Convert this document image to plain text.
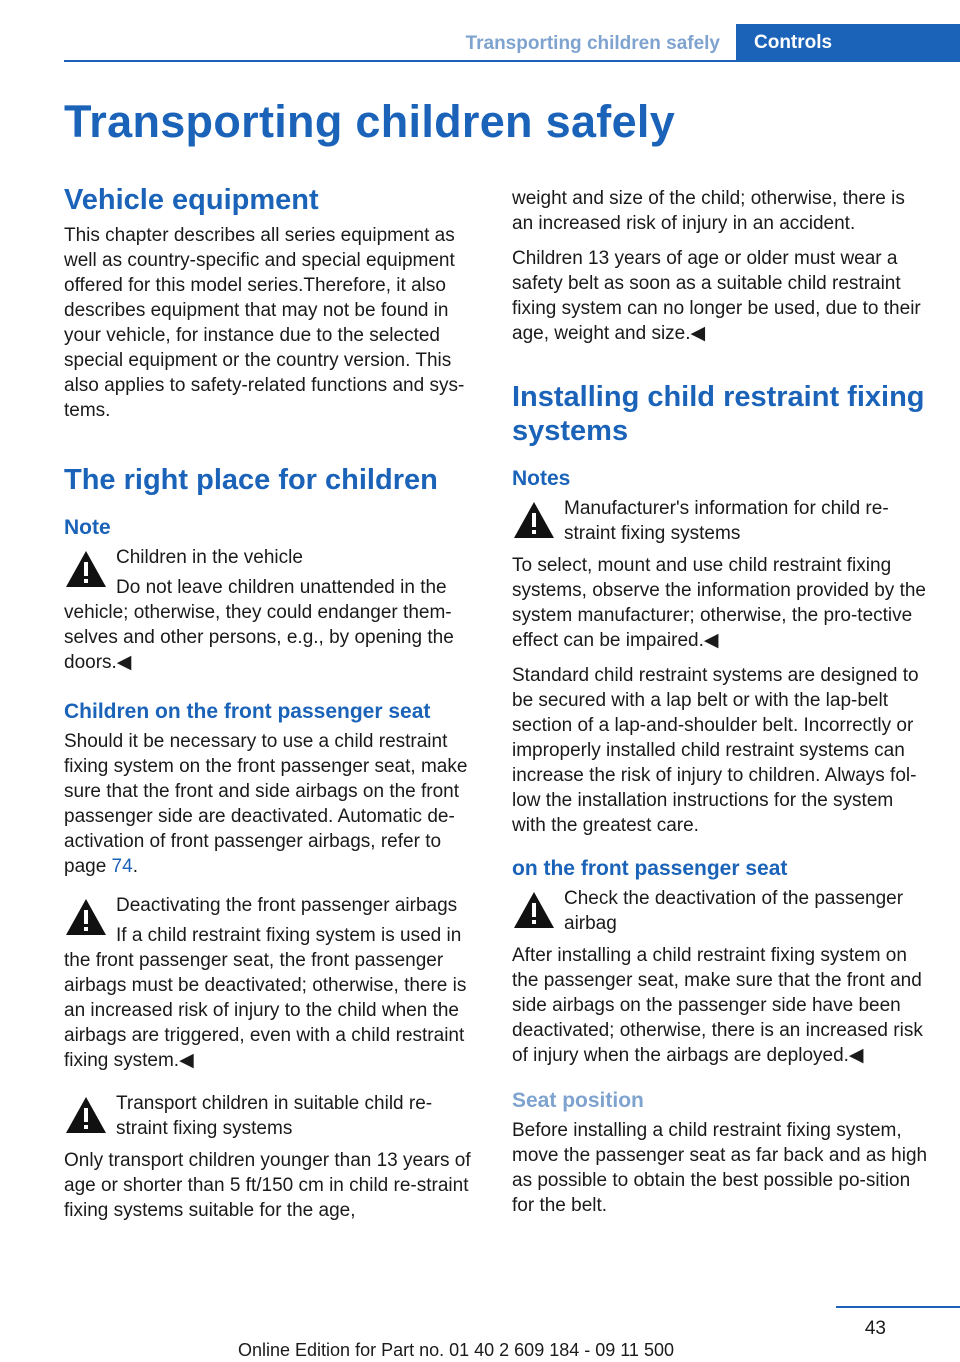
Transporting children safely	Controls
Transporting children safely
Vehicle equipment

This chapter describes all series equipment as well as country-specific and special equipment offered for this model series.Therefore, it also describes equipment that may not be found in your vehicle, for instance due to the selected special equipment or the country version. This also applies to safety-related functions and sys‐tems.

The right place for children
Note

Children in the vehicle

Do not leave children unattended in the vehicle; otherwise, they could endanger them‐selves and other persons, e.g., by opening the doors.◀

Children on the front passenger seat

Should it be necessary to use a child restraint fixing system on the front passenger seat, make sure that the front and side airbags on the front passenger side are deactivated. Automatic de‐activation of front passenger airbags, refer to page 74.

Deactivating the front passenger airbags

If a child restraint fixing system is used in the front passenger seat, the front passenger airbags must be deactivated; otherwise, there is an increased risk of injury to the child when the airbags are triggered, even with a child restraint fixing system.◀

Transport children in suitable child re‐straint fixing systems

Only transport children younger than 13 years of age or shorter than 5 ft/150 cm in child re‐straint fixing systems suitable for the age,

weight and size of the child; otherwise, there is an increased risk of injury in an accident.

Children 13 years of age or older must wear a safety belt as soon as a suitable child restraint fixing system can no longer be used, due to their age, weight and size.◀

Installing child restraint fixing systems
Notes

Manufacturer's information for child re‐straint fixing systems

To select, mount and use child restraint fixing systems, observe the information provided by the system manufacturer; otherwise, the pro‐tective effect can be impaired.◀

Standard child restraint systems are designed to be secured with a lap belt or with the lap-belt section of a lap-and-shoulder belt. Incorrectly or improperly installed child restraint systems can increase the risk of injury to children. Always fol‐low the installation instructions for the system with the greatest care.

on the front passenger seat

Check the deactivation of the passenger airbag

After installing a child restraint fixing system on the passenger seat, make sure that the front and side airbags on the passenger side have been deactivated; otherwise, there is an increased risk of injury when the airbags are deployed.◀

Seat position

Before installing a child restraint fixing system, move the passenger seat as far back and as high as possible to obtain the best possible po‐sition for the belt.

43
Online Edition for Part no. 01 40 2 609 184 - 09 11 500
